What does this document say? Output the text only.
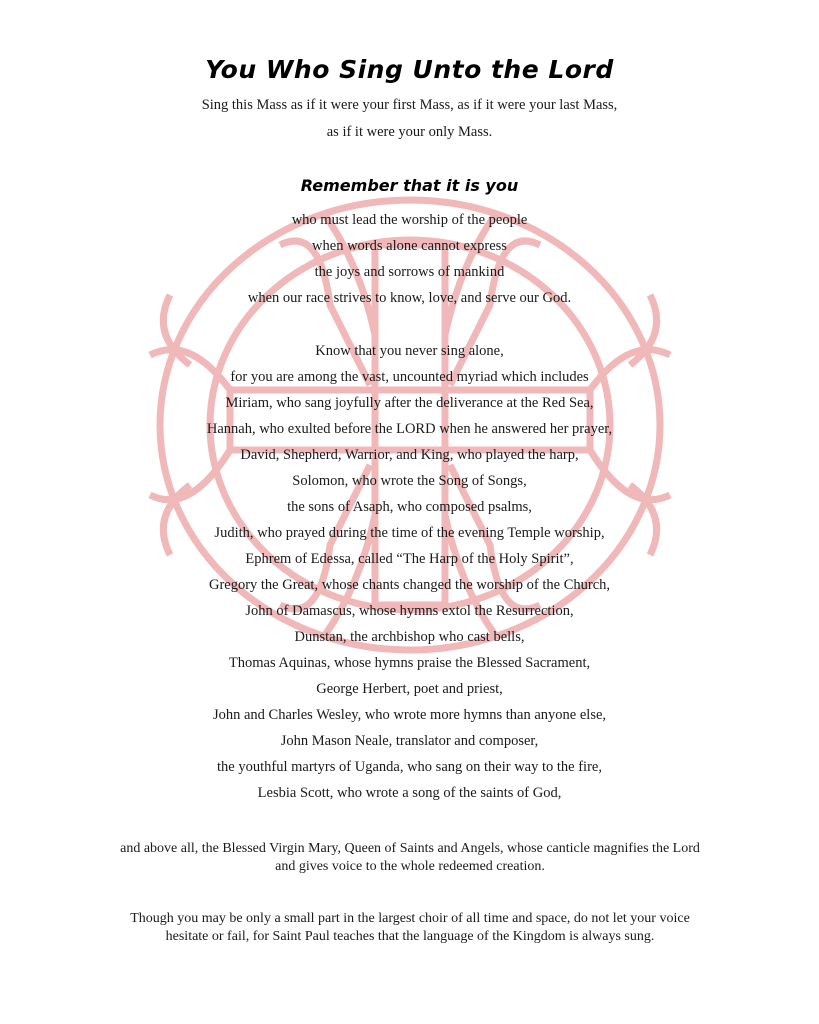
You Who Sing Unto the Lord
Sing this Mass as if it were your first Mass, as if it were your last Mass,
as if it were your only Mass.
Remember that it is you
who must lead the worship of the people
when words alone cannot express
the joys and sorrows of mankind
when our race strives to know, love, and serve our God.
Know that you never sing alone,
for you are among the vast, uncounted myriad which includes
Miriam, who sang joyfully after the deliverance at the Red Sea,
Hannah, who exulted before the LORD when he answered her prayer,
David, Shepherd, Warrior, and King, who played the harp,
Solomon, who wrote the Song of Songs,
the sons of Asaph, who composed psalms,
Judith, who prayed during the time of the evening Temple worship,
Ephrem of Edessa, called “The Harp of the Holy Spirit”,
Gregory the Great, whose chants changed the worship of the Church,
John of Damascus, whose hymns extol the Resurrection,
Dunstan, the archbishop who cast bells,
Thomas Aquinas, whose hymns praise the Blessed Sacrament,
George Herbert, poet and priest,
John and Charles Wesley, who wrote more hymns than anyone else,
John Mason Neale, translator and composer,
the youthful martyrs of Uganda, who sang on their way to the fire,
Lesbia Scott, who wrote a song of the saints of God,
and above all, the Blessed Virgin Mary, Queen of Saints and Angels, whose canticle magnifies the Lord and gives voice to the whole redeemed creation.
Though you may be only a small part in the largest choir of all time and space, do not let your voice hesitate or fail, for Saint Paul teaches that the language of the Kingdom is always sung.
